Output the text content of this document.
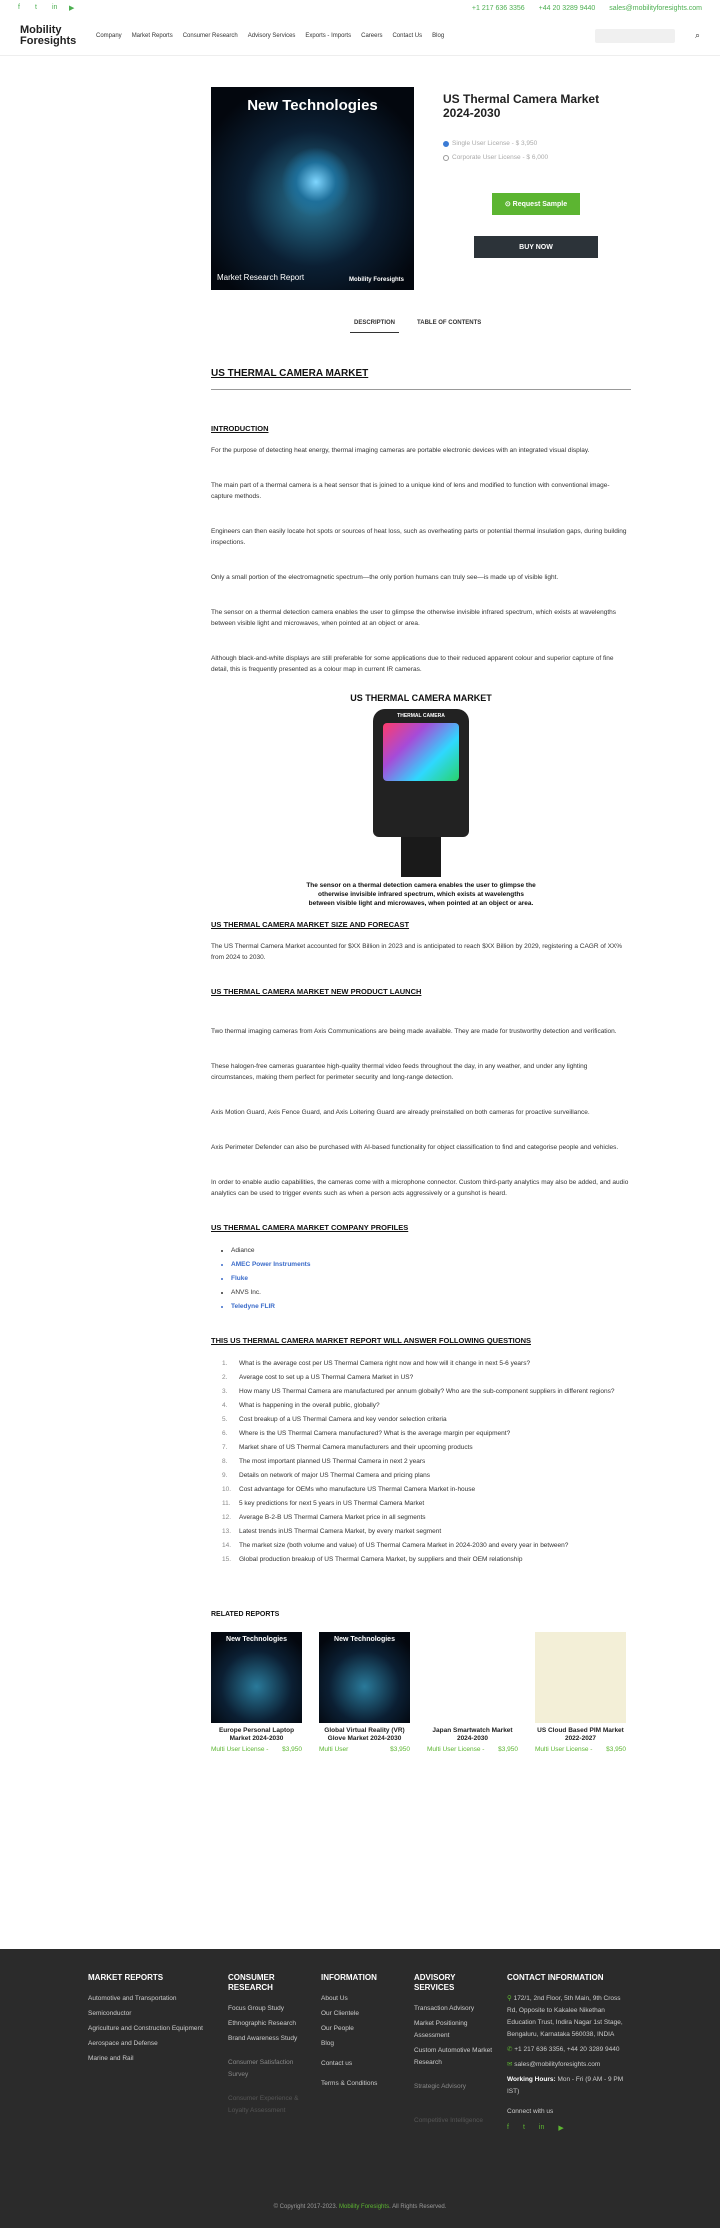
f	t	in	▶	+1 217 636 3356 +44 20 3289 9440 sales@mobilityforesights.com
Mobility Foresights	Company Market Reports Consumer Research Advisory Services Exports - Imports Careers Contact Us Blog	⌕
New Technologies
Market Research Report	Mobility Foresights
US Thermal Camera Market 2024-2030
Single User License - $ 3,950
Corporate User License - $ 6,000
⊙ Request Sample
BUY NOW
DESCRIPTION	TABLE OF CONTENTS
US THERMAL CAMERA MARKET
INTRODUCTION
For the purpose of detecting heat energy, thermal imaging cameras are portable electronic devices with an integrated visual display.
The main part of a thermal camera is a heat sensor that is joined to a unique kind of lens and modified to function with conventional image-capture methods.
Engineers can then easily locate hot spots or sources of heat loss, such as overheating parts or potential thermal insulation gaps, during building inspections.
Only a small portion of the electromagnetic spectrum—the only portion humans can truly see—is made up of visible light.
The sensor on a thermal detection camera enables the user to glimpse the otherwise invisible infrared spectrum, which exists at wavelengths between visible light and microwaves, when pointed at an object or area.
Although black-and-white displays are still preferable for some applications due to their reduced apparent colour and superior capture of fine detail, this is frequently presented as a colour map in current IR cameras.
US THERMAL CAMERA MARKET
THERMAL CAMERA
The sensor on a thermal detection camera enables the user to glimpse the otherwise invisible infrared spectrum, which exists at wavelengths between visible light and microwaves, when pointed at an object or area.
US THERMAL CAMERA MARKET SIZE AND FORECAST
The US Thermal Camera Market accounted for $XX Billion in 2023 and is anticipated to reach $XX Billion by 2029, registering a CAGR of XX% from 2024 to 2030.
US THERMAL CAMERA MARKET NEW PRODUCT LAUNCH
Two thermal imaging cameras from Axis Communications are being made available. They are made for trustworthy detection and verification.
These halogen-free cameras guarantee high-quality thermal video feeds throughout the day, in any weather, and under any lighting circumstances, making them perfect for perimeter security and long-range detection.
Axis Motion Guard, Axis Fence Guard, and Axis Loitering Guard are already preinstalled on both cameras for proactive surveillance.
Axis Perimeter Defender can also be purchased with AI-based functionality for object classification to find and categorise people and vehicles.
In order to enable audio capabilities, the cameras come with a microphone connector. Custom third-party analytics may also be added, and audio analytics can be used to trigger events such as when a person acts aggressively or a gunshot is heard.
US THERMAL CAMERA MARKET COMPANY PROFILES
• Adiance
• AMEC Power Instruments
• Fluke
• ANVS Inc.
• Teledyne FLIR
THIS US THERMAL CAMERA MARKET REPORT WILL ANSWER FOLLOWING QUESTIONS
1. What is the average cost per US Thermal Camera right now and how will it change in next 5-6 years?
2. Average cost to set up a US Thermal Camera Market in US?
3. How many US Thermal Camera are manufactured per annum globally? Who are the sub-component suppliers in different regions?
4. What is happening in the overall public, globally?
5. Cost breakup of a US Thermal Camera and key vendor selection criteria
6. Where is the US Thermal Camera manufactured? What is the average margin per equipment?
7. Market share of US Thermal Camera manufacturers and their upcoming products
8. The most important planned US Thermal Camera in next 2 years
9. Details on network of major US Thermal Camera and pricing plans
10. Cost advantage for OEMs who manufacture US Thermal Camera Market in-house
11. 5 key predictions for next 5 years in US Thermal Camera Market
12. Average B-2-B US Thermal Camera Market price in all segments
13. Latest trends inUS Thermal Camera Market, by every market segment
14. The market size (both volume and value) of US Thermal Camera Market in 2024-2030 and every year in between?
15. Global production breakup of US Thermal Camera Market, by suppliers and their OEM relationship
RELATED REPORTS
New Technologies
Europe Personal Laptop Market 2024-2030
Multi User License - $3,950
New Technologies
Global Virtual Reality (VR) Glove Market 2024-2030
Multi User	$3,950
Japan Smartwatch Market 2024-2030
Multi User License - $3,950
US Cloud Based PIM Market 2022-2027
Multi User License - $3,950
MARKET REPORTS
Automotive and Transportation
Semiconductor
Agriculture and Construction Equipment
Aerospace and Defense
Marine and Rail
CONSUMER RESEARCH
Focus Group Study
Ethnographic Research
Brand Awareness Study
Consumer Satisfaction Survey
Consumer Experience & Loyalty Assessment
INFORMATION
About Us
Our Clientele
Our People
Blog
Contact us
Terms & Conditions
ADVISORY SERVICES
Transaction Advisory
Market Positioning Assessment
Custom Automotive Market Research
Strategic Advisory
Competitive Intelligence
CONTACT INFORMATION
⚲ 172/1, 2nd Floor, 5th Main, 9th Cross Rd, Opposite to Kakalee Nikethan Education Trust, Indira Nagar 1st Stage, Bengaluru, Karnataka 560038, INDIA
✆ +1 217 636 3356, +44 20 3289 9440
✉ sales@mobilityforesights.com
Working Hours: Mon - Fri (9 AM - 9 PM IST)
Connect with us
f t in ▶
© Copyright 2017-2023. Mobility Foresights. All Rights Reserved.
